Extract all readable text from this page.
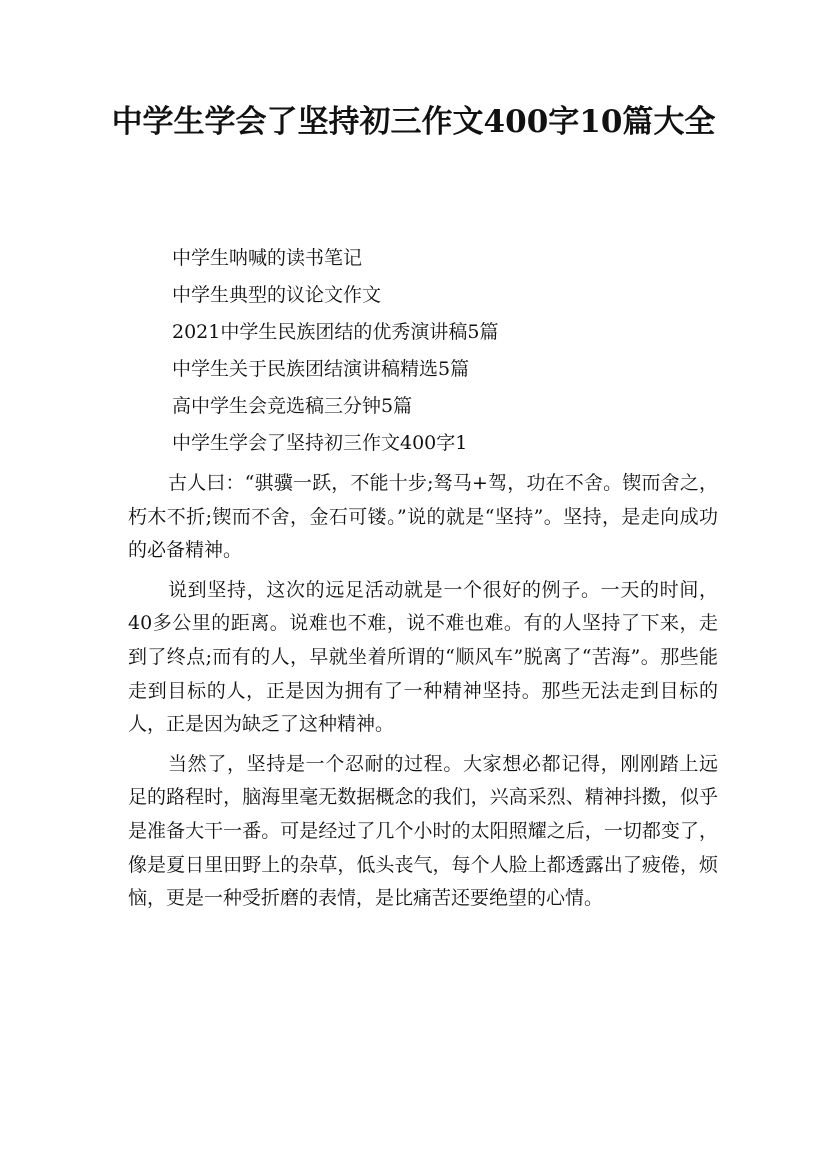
中学生学会了坚持初三作文400字10篇大全
中学生呐喊的读书笔记
中学生典型的议论文作文
2021中学生民族团结的优秀演讲稿5篇
中学生关于民族团结演讲稿精选5篇
高中学生会竞选稿三分钟5篇
中学生学会了坚持初三作文400字1

古人曰：“骐骥一跃，不能十步;驽马+驾，功在不舍。锲而舍之，朽木不折;锲而不舍，金石可镂。”说的就是“坚持”。坚持，是走向成功的必备精神。

说到坚持，这次的远足活动就是一个很好的例子。一天的时间，40多公里的距离。说难也不难，说不难也难。有的人坚持了下来，走到了终点;而有的人，早就坐着所谓的“顺风车”脱离了“苦海”。那些能走到目标的人，正是因为拥有了一种精神坚持。那些无法走到目标的人，正是因为缺乏了这种精神。

当然了，坚持是一个忍耐的过程。大家想必都记得，刚刚踏上远足的路程时，脑海里毫无数据概念的我们，兴高采烈、精神抖擞，似乎是准备大干一番。可是经过了几个小时的太阳照耀之后，一切都变了，像是夏日里田野上的杂草，低头丧气，每个人脸上都透露出了疲倦，烦恼，更是一种受折磨的表情，是比痛苦还要绝望的心情。
